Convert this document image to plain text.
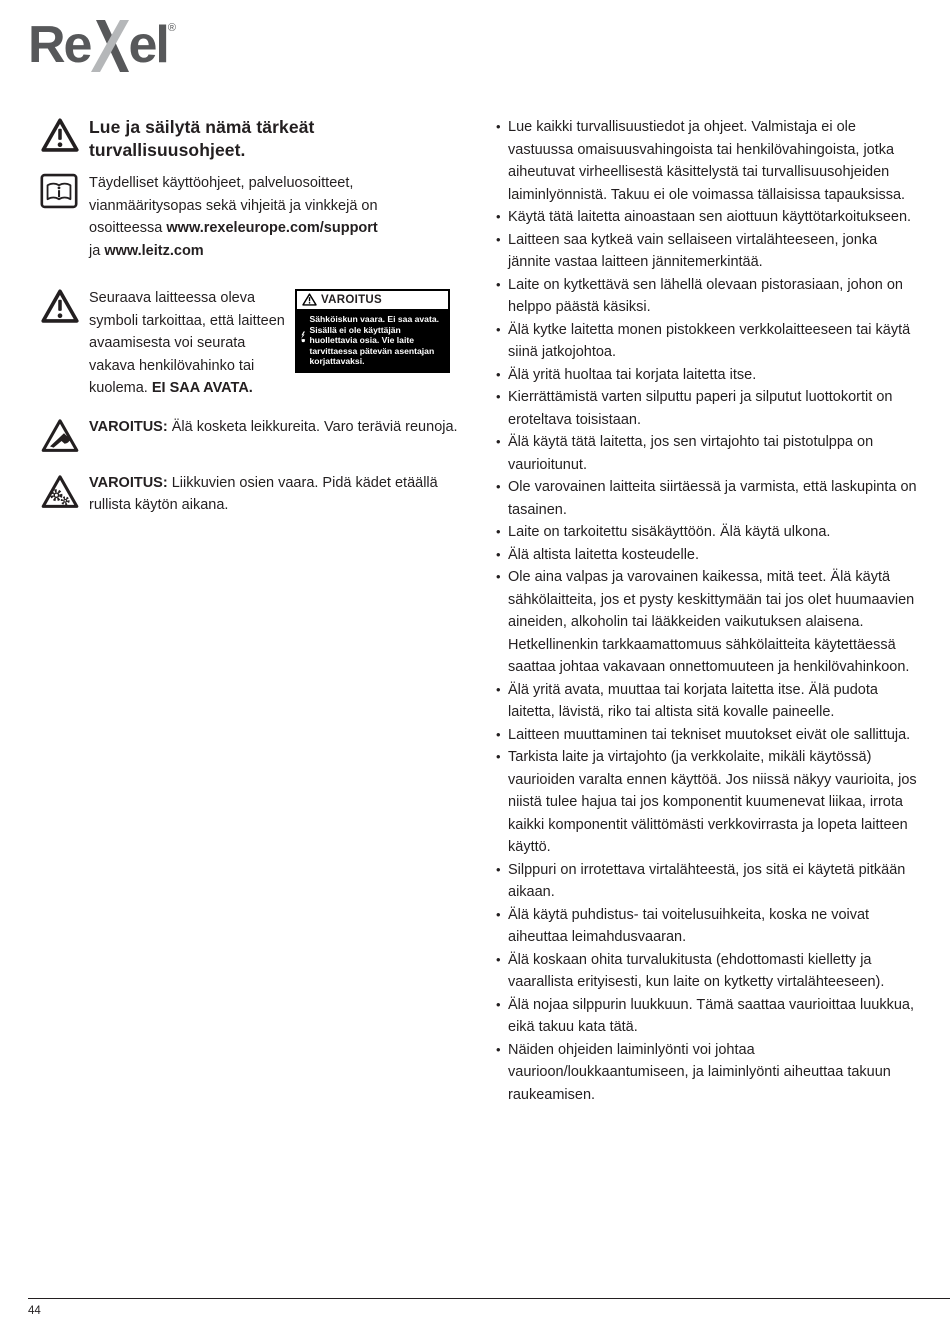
Re el ®
Lue ja säilytä nämä tärkeät turvallisuusohjeet.

Täydelliset käyttöohjeet, palveluosoitteet, vianmääritysopas sekä vihjeitä ja vinkkejä on osoitteessa www.rexeleurope.com/support
ja www.leitz.com

Seuraava laitteessa oleva symboli tarkoittaa, että laitteen avaamisesta voi seurata vakava henkilövahinko tai kuolema. EI SAA AVATA.

VAROITUS
Sähköiskun vaara. Ei saa avata. Sisällä ei ole käyttäjän huollettavia osia. Vie laite tarvittaessa pätevän asentajan korjattavaksi.

VAROITUS: Älä kosketa leikkureita. Varo teräviä reunoja.

VAROITUS: Liikkuvien osien vaara. Pidä kädet etäällä rullista käytön aikana.

• Lue kaikki turvallisuustiedot ja ohjeet. Valmistaja ei ole vastuussa omaisuusvahingoista tai henkilövahingoista, jotka aiheutuvat virheellisestä käsittelystä tai turvallisuusohjeiden laiminlyönnistä. Takuu ei ole voimassa tällaisissa tapauksissa.
• Käytä tätä laitetta ainoastaan sen aiottuun käyttötarkoitukseen.
• Laitteen saa kytkeä vain sellaiseen virtalähteeseen, jonka jännite vastaa laitteen jännitemerkintää.
• Laite on kytkettävä sen lähellä olevaan pistorasiaan, johon on helppo päästä käsiksi.
• Älä kytke laitetta monen pistokkeen verkkolaitteeseen tai käytä siinä jatkojohtoa.
• Älä yritä huoltaa tai korjata laitetta itse.
• Kierrättämistä varten silputtu paperi ja silputut luottokortit on eroteltava toisistaan.
• Älä käytä tätä laitetta, jos sen virtajohto tai pistotulppa on vaurioitunut.
• Ole varovainen laitteita siirtäessä ja varmista, että laskupinta on tasainen.
• Laite on tarkoitettu sisäkäyttöön. Älä käytä ulkona.
• Älä altista laitetta kosteudelle.
• Ole aina valpas ja varovainen kaikessa, mitä teet. Älä käytä sähkölaitteita, jos et pysty keskittymään tai jos olet huumaavien aineiden, alkoholin tai lääkkeiden vaikutuksen alaisena. Hetkellinenkin tarkkaamattomuus sähkölaitteita käytettäessä saattaa johtaa vakavaan onnettomuuteen ja henkilövahinkoon.
• Älä yritä avata, muuttaa tai korjata laitetta itse. Älä pudota laitetta, lävistä, riko tai altista sitä kovalle paineelle.
• Laitteen muuttaminen tai tekniset muutokset eivät ole sallittuja.
• Tarkista laite ja virtajohto (ja verkkolaite, mikäli käytössä) vaurioiden varalta ennen käyttöä. Jos niissä näkyy vaurioita, jos niistä tulee hajua tai jos komponentit kuumenevat liikaa, irrota kaikki komponentit välittömästi verkkovirrasta ja lopeta laitteen käyttö.
• Silppuri on irrotettava virtalähteestä, jos sitä ei käytetä pitkään aikaan.
• Älä käytä puhdistus- tai voitelusuihkeita, koska ne voivat aiheuttaa leimahdusvaaran.
• Älä koskaan ohita turvalukitusta (ehdottomasti kielletty ja vaarallista erityisesti, kun laite on kytketty virtalähteeseen).
• Älä nojaa silppurin luukkuun. Tämä saattaa vaurioittaa luukkua, eikä takuu kata tätä.
• Näiden ohjeiden laiminlyönti voi johtaa vaurioon/loukkaantumiseen, ja laiminlyönti aiheuttaa takuun raukeamisen.
44
